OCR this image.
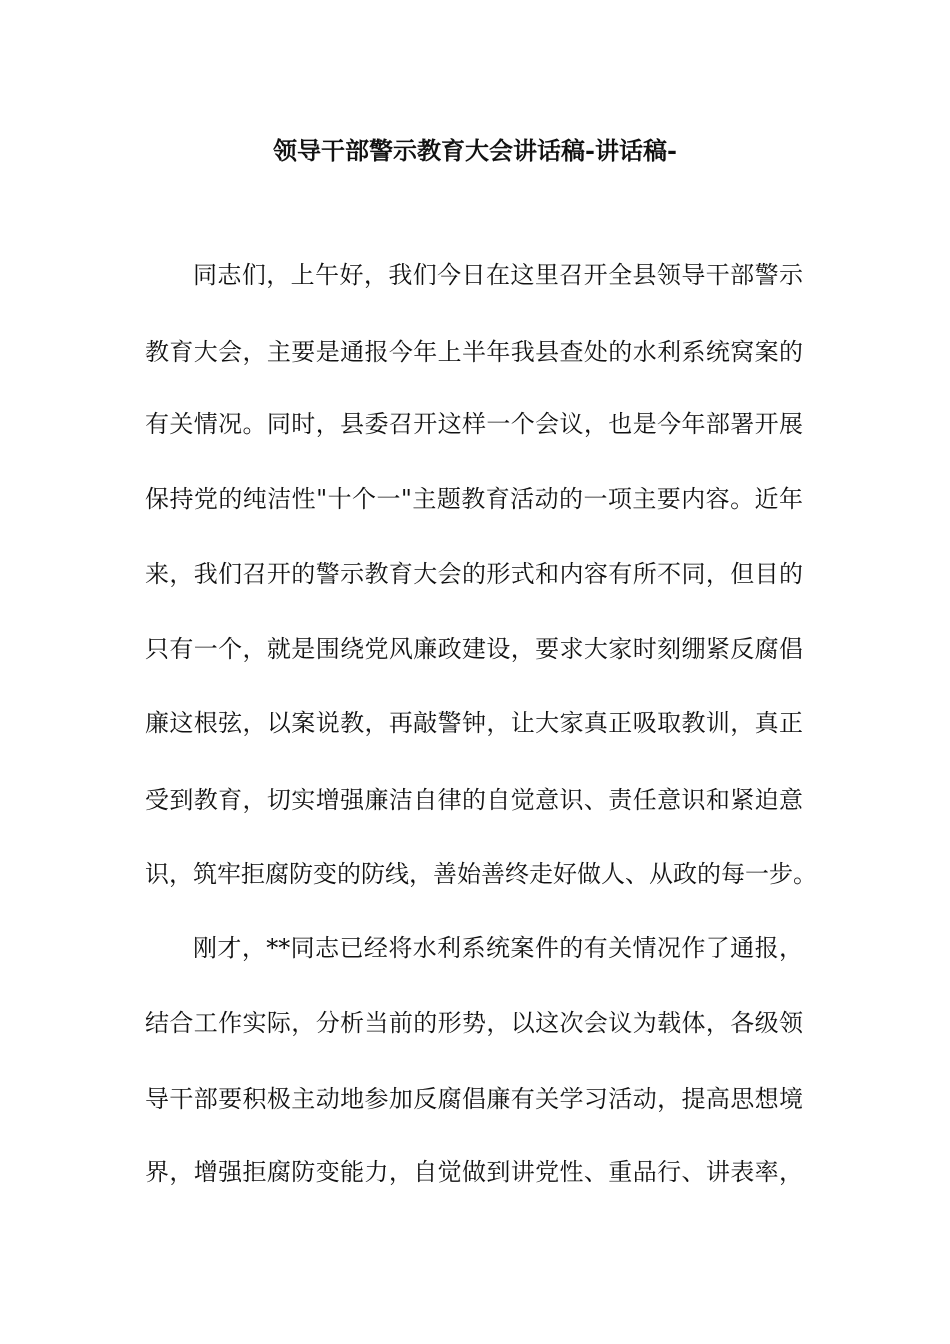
领导干部警示教育大会讲话稿-讲话稿-
同志们，上午好，我们今日在这里召开全县领导干部警示
教育大会，主要是通报今年上半年我县查处的水利系统窝案的
有关情况。同时，县委召开这样一个会议，也是今年部署开展
保持党的纯洁性"十个一"主题教育活动的一项主要内容。近年
来，我们召开的警示教育大会的形式和内容有所不同，但目的
只有一个，就是围绕党风廉政建设，要求大家时刻绷紧反腐倡
廉这根弦，以案说教，再敲警钟，让大家真正吸取教训，真正
受到教育，切实增强廉洁自律的自觉意识、责任意识和紧迫意
识，筑牢拒腐防变的防线，善始善终走好做人、从政的每一步。
刚才，**同志已经将水利系统案件的有关情况作了通报，
结合工作实际，分析当前的形势，以这次会议为载体，各级领
导干部要积极主动地参加反腐倡廉有关学习活动，提高思想境
界，增强拒腐防变能力，自觉做到讲党性、重品行、讲表率，
